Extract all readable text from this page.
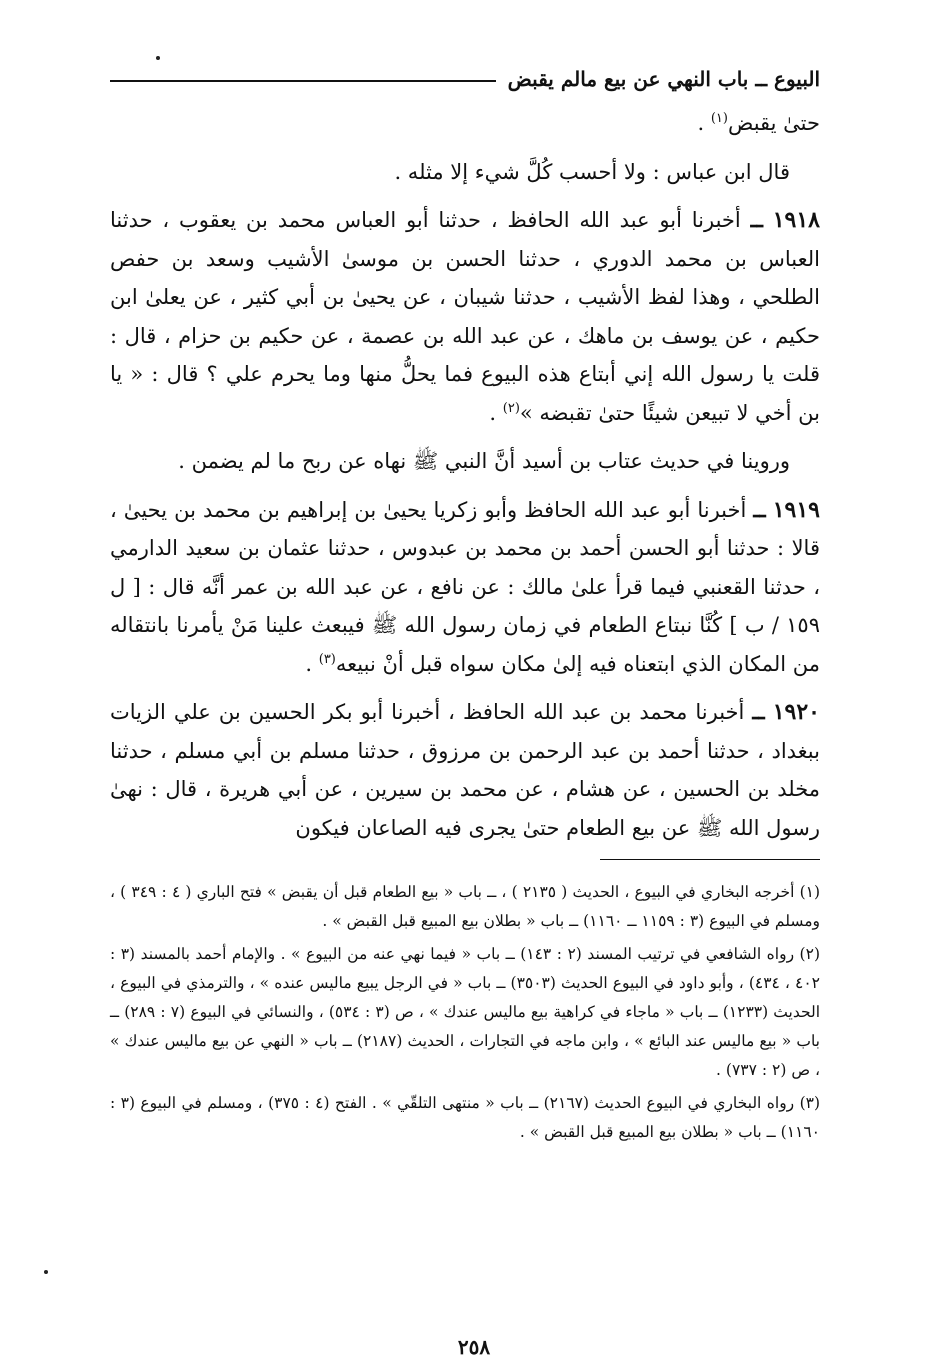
البيوع ــ باب النهي عن بيع مالم يقبض

حتىٰ يقبض$^{(١)}$ .

قال ابن عباس : ولا أحسب كُلَّ شيء إلا مثله .

١٩١٨ ــ أخبرنا أبو عبد الله الحافظ ، حدثنا أبو العباس محمد بن يعقوب ، حدثنا العباس بن محمد الدوري ، حدثنا الحسن بن موسىٰ الأشيب وسعد بن حفص الطلحي ، وهذا لفظ الأشيب ، حدثنا شيبان ، عن يحيىٰ بن أبي كثير ، عن يعلىٰ ابن حكيم ، عن يوسف بن ماهك ، عن عبد الله بن عصمة ، عن حكيم بن حزام ، قال : قلت يا رسول الله إني أبتاع هذه البيوع فما يحلُّ منها وما يحرم علي ؟ قال : « يا بن أخي لا تبيعن شيئًا حتىٰ تقبضه »$^{(٢)}$ .

وروينا في حديث عتاب بن أسيد أنَّ النبي ﷺ نهاه عن ربح ما لم يضمن .

١٩١٩ ــ أخبرنا أبو عبد الله الحافظ وأبو زكريا يحيىٰ بن إبراهيم بن محمد بن يحيىٰ ، قالا : حدثنا أبو الحسن أحمد بن محمد بن عبدوس ، حدثنا عثمان بن سعيد الدارمي ، حدثنا القعنبي فيما قرأ علىٰ مالك : عن نافع ، عن عبد الله بن عمر أنَّه قال : [ ل ١٥٩ / ب ] كُنَّا نبتاع الطعام في زمان رسول الله ﷺ فيبعث علينا مَنْ يأمرنا بانتقاله من المكان الذي ابتعناه فيه إلىٰ مكان سواه قبل أنْ نبيعه$^{(٣)}$ .

١٩٢٠ ــ أخبرنا محمد بن عبد الله الحافظ ، أخبرنا أبو بكر الحسين بن علي الزيات ببغداد ، حدثنا أحمد بن عبد الرحمن بن مرزوق ، حدثنا مسلم بن أبي مسلم ، حدثنا مخلد بن الحسين ، عن هشام ، عن محمد بن سيرين ، عن أبي هريرة ، قال : نهىٰ رسول الله ﷺ عن بيع الطعام حتىٰ يجرى فيه الصاعان فيكون

(١) أخرجه البخاري في البيوع ، الحديث ( ٢١٣٥ ) ، ــ باب « بيع الطعام قبل أن يقبض » فتح الباري ( ٤ : ٣٤٩ ) ، ومسلم في البيوع (٣ : ١١٥٩ ــ ١١٦٠) ــ باب « بطلان بيع المبيع قبل القبض » .

(٢) رواه الشافعي في ترتيب المسند (٢ : ١٤٣) ــ باب « فيما نهي عنه من البيوع » . والإمام أحمد بالمسند (٣ : ٤٠٢ ، ٤٣٤) ، وأبو داود في البيوع الحديث (٣٥٠٣) ــ باب « في الرجل يبيع ماليس عنده » ، والترمذي في البيوع ، الحديث (١٢٣٣) ــ باب « ماجاء في كراهية بيع ماليس عندك » ، ص (٣ : ٥٣٤) ، والنسائي في البيوع (٧ : ٢٨٩) ــ باب « بيع ماليس عند البائع » ، وابن ماجه في التجارات ، الحديث (٢١٨٧) ــ باب « النهي عن بيع ماليس عندك » ، ص (٢ : ٧٣٧) .

(٣) رواه البخاري في البيوع الحديث (٢١٦٧) ــ باب « منتهى التلقّي » . الفتح (٤ : ٣٧٥) ، ومسلم في البيوع (٣ : ١١٦٠) ــ باب « بطلان بيع المبيع قبل القبض » .

٢٥٨
